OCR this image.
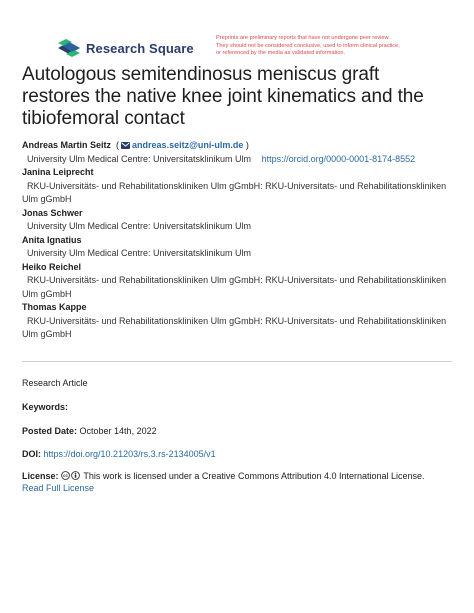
Research Square
Preprints are preliminary reports that have not undergone peer review.
They should not be considered conclusive, used to inform clinical practice,
or referenced by the media as validated information.
Autologous semitendinosus meniscus graft restores the native knee joint kinematics and the tibiofemoral contact
Andreas Martin Seitz  ( andreas.seitz@uni-ulm.de )
University Ulm Medical Centre: Universitatsklinikum Ulm https://orcid.org/0000-0001-8174-8552
Janina Leiprecht
RKU-Universitäts- und Rehabilitationskliniken Ulm gGmbH: RKU-Universitats- und Rehabilitationskliniken
Ulm gGmbH
Jonas Schwer
University Ulm Medical Centre: Universitatsklinikum Ulm
Anita Ignatius
University Ulm Medical Centre: Universitatsklinikum Ulm
Heiko Reichel
RKU-Universitäts- und Rehabilitationskliniken Ulm gGmbH: RKU-Universitats- und Rehabilitationskliniken
Ulm gGmbH
Thomas Kappe
RKU-Universitäts- und Rehabilitationskliniken Ulm gGmbH: RKU-Universitats- und Rehabilitationskliniken
Ulm gGmbH
Research Article
Keywords:
Posted Date: October 14th, 2022
DOI: https://doi.org/10.21203/rs.3.rs-2134005/v1
License: cc This work is licensed under a Creative Commons Attribution 4.0 International License.
Read Full License
